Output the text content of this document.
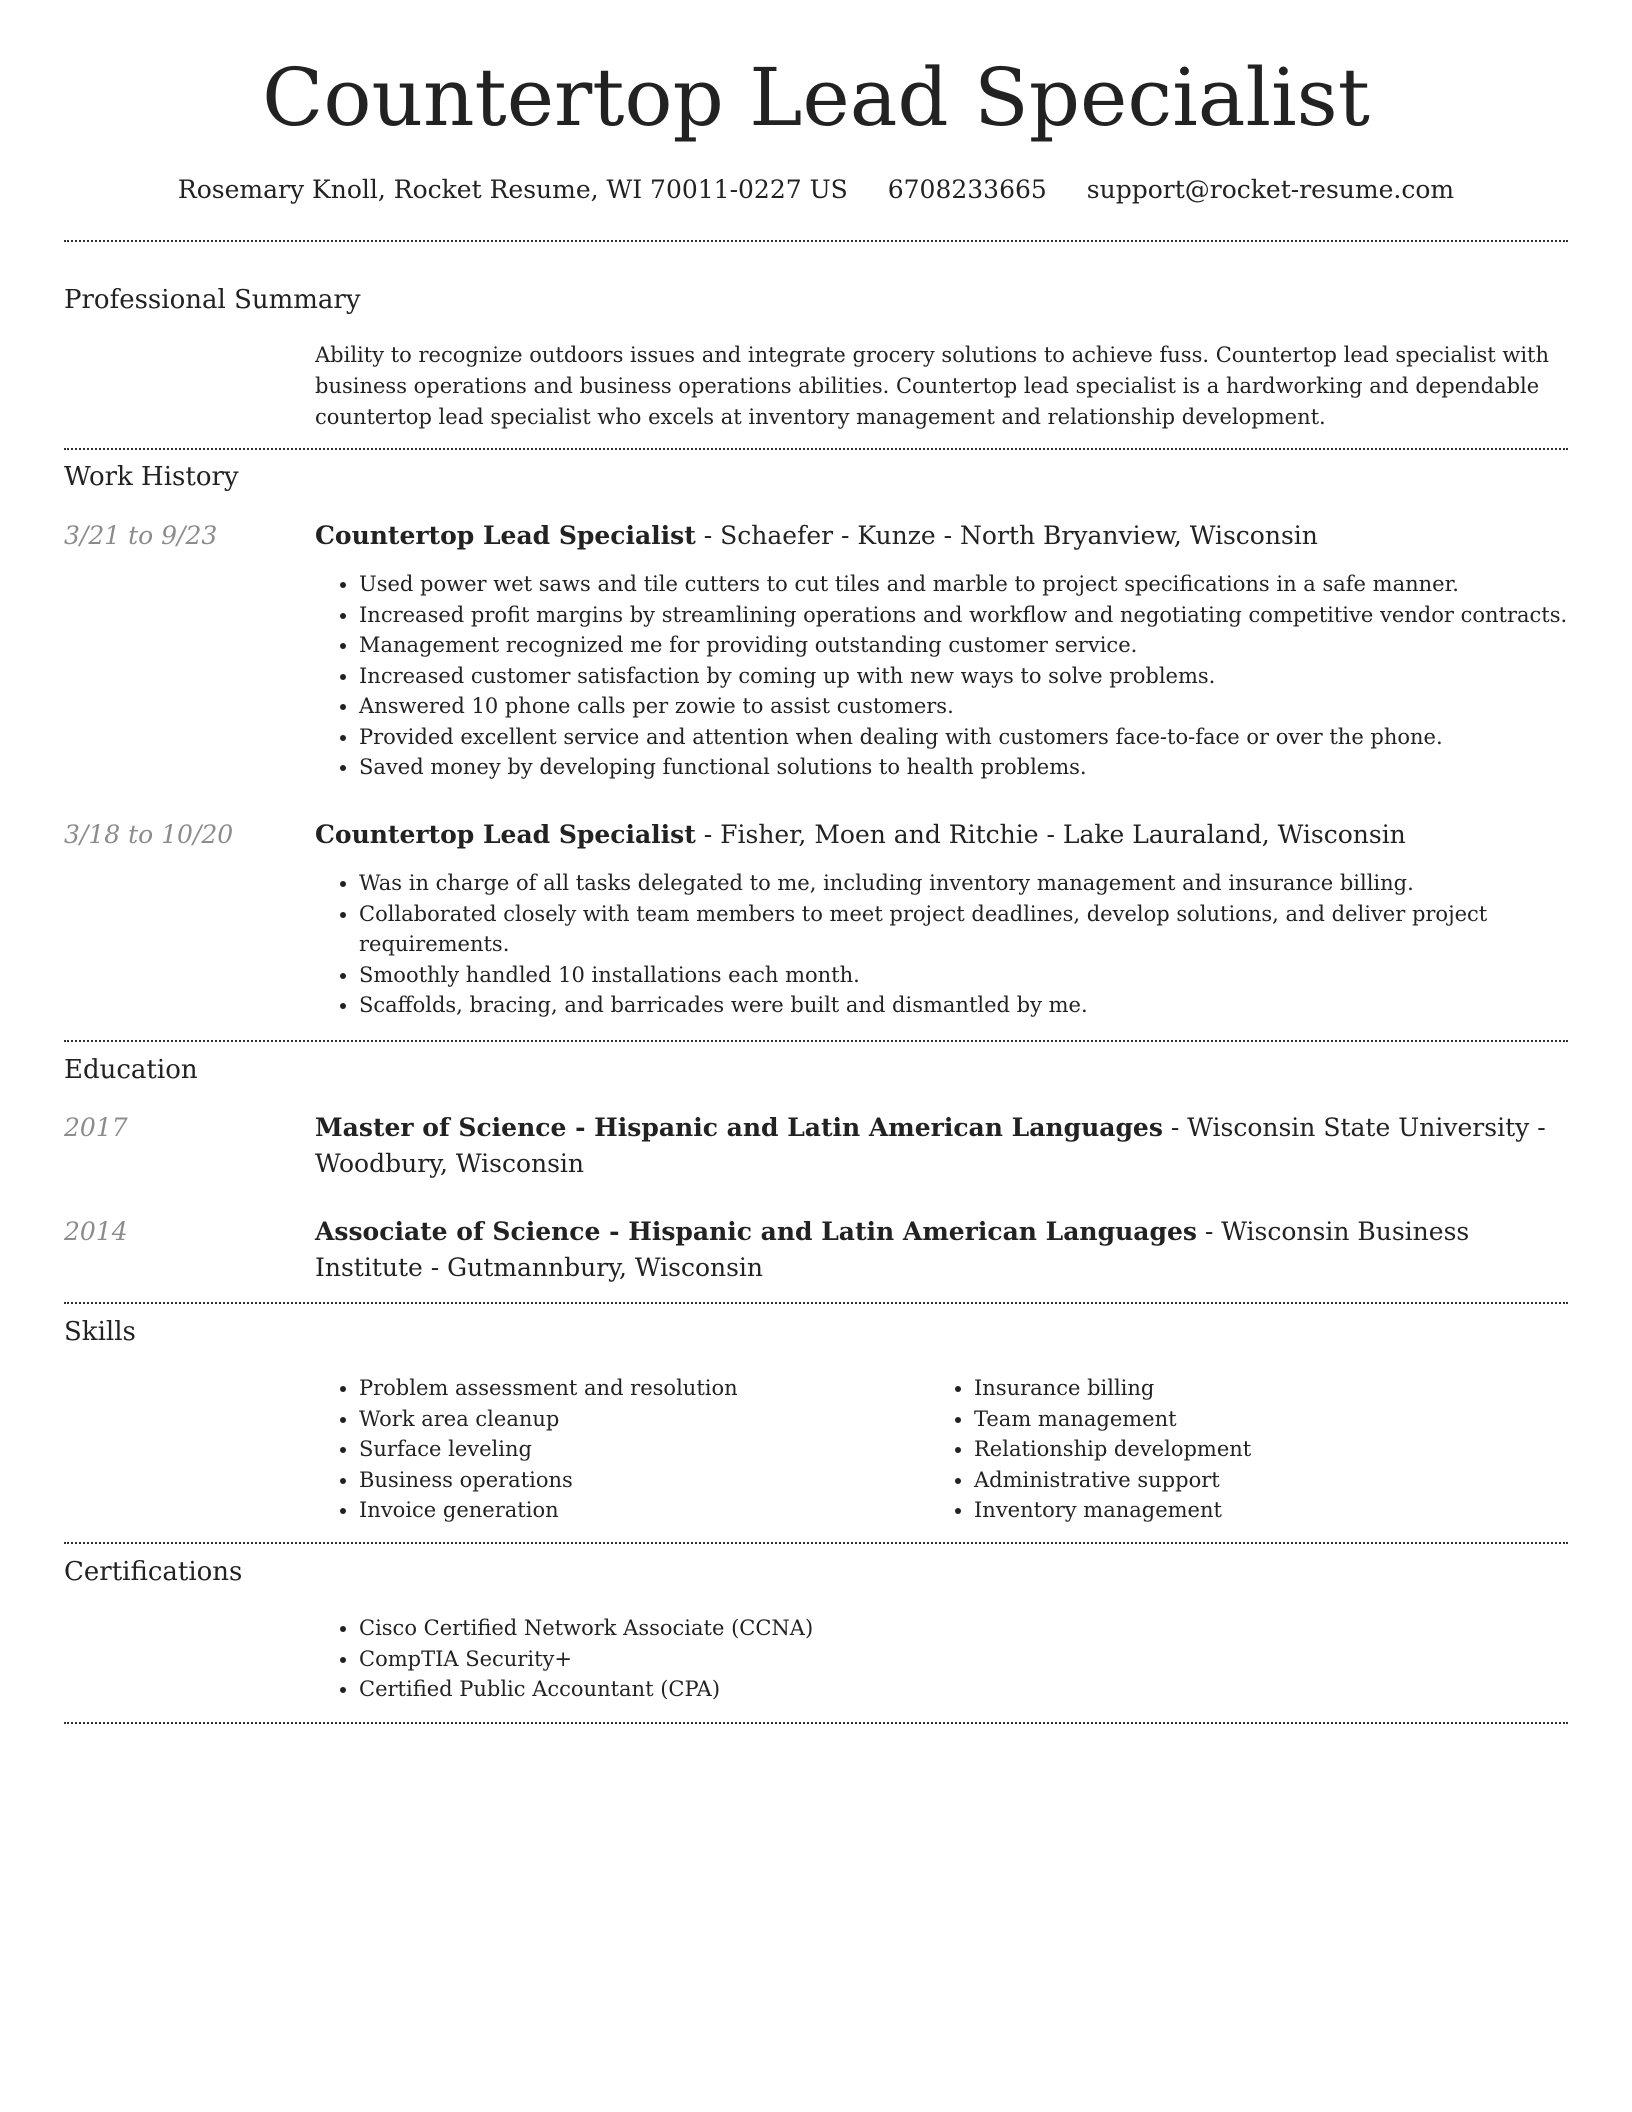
Countertop Lead Specialist
Rosemary Knoll, Rocket Resume, WI 70011-0227 US 6708233665 support@rocket-resume.com
Professional Summary
Ability to recognize outdoors issues and integrate grocery solutions to achieve fuss. Countertop lead specialist with business operations and business operations abilities. Countertop lead specialist is a hardworking and dependable countertop lead specialist who excels at inventory management and relationship development.
Work History
3/21 to 9/23	Countertop Lead Specialist - Schaefer - Kunze - North Bryanview, Wisconsin
• Used power wet saws and tile cutters to cut tiles and marble to project specifications in a safe manner.
• Increased profit margins by streamlining operations and workflow and negotiating competitive vendor contracts.
• Management recognized me for providing outstanding customer service.
• Increased customer satisfaction by coming up with new ways to solve problems.
• Answered 10 phone calls per zowie to assist customers.
• Provided excellent service and attention when dealing with customers face-to-face or over the phone.
• Saved money by developing functional solutions to health problems.
3/18 to 10/20	Countertop Lead Specialist - Fisher, Moen and Ritchie - Lake Lauraland, Wisconsin
• Was in charge of all tasks delegated to me, including inventory management and insurance billing.
• Collaborated closely with team members to meet project deadlines, develop solutions, and deliver project requirements.
• Smoothly handled 10 installations each month.
• Scaffolds, bracing, and barricades were built and dismantled by me.
Education
2017	Master of Science - Hispanic and Latin American Languages - Wisconsin State University - Woodbury, Wisconsin
2014	Associate of Science - Hispanic and Latin American Languages - Wisconsin Business Institute - Gutmannbury, Wisconsin
Skills
• Problem assessment and resolution
• Work area cleanup
• Surface leveling
• Business operations
• Invoice generation
• Insurance billing
• Team management
• Relationship development
• Administrative support
• Inventory management
Certifications
• Cisco Certified Network Associate (CCNA)
• CompTIA Security+
• Certified Public Accountant (CPA)
